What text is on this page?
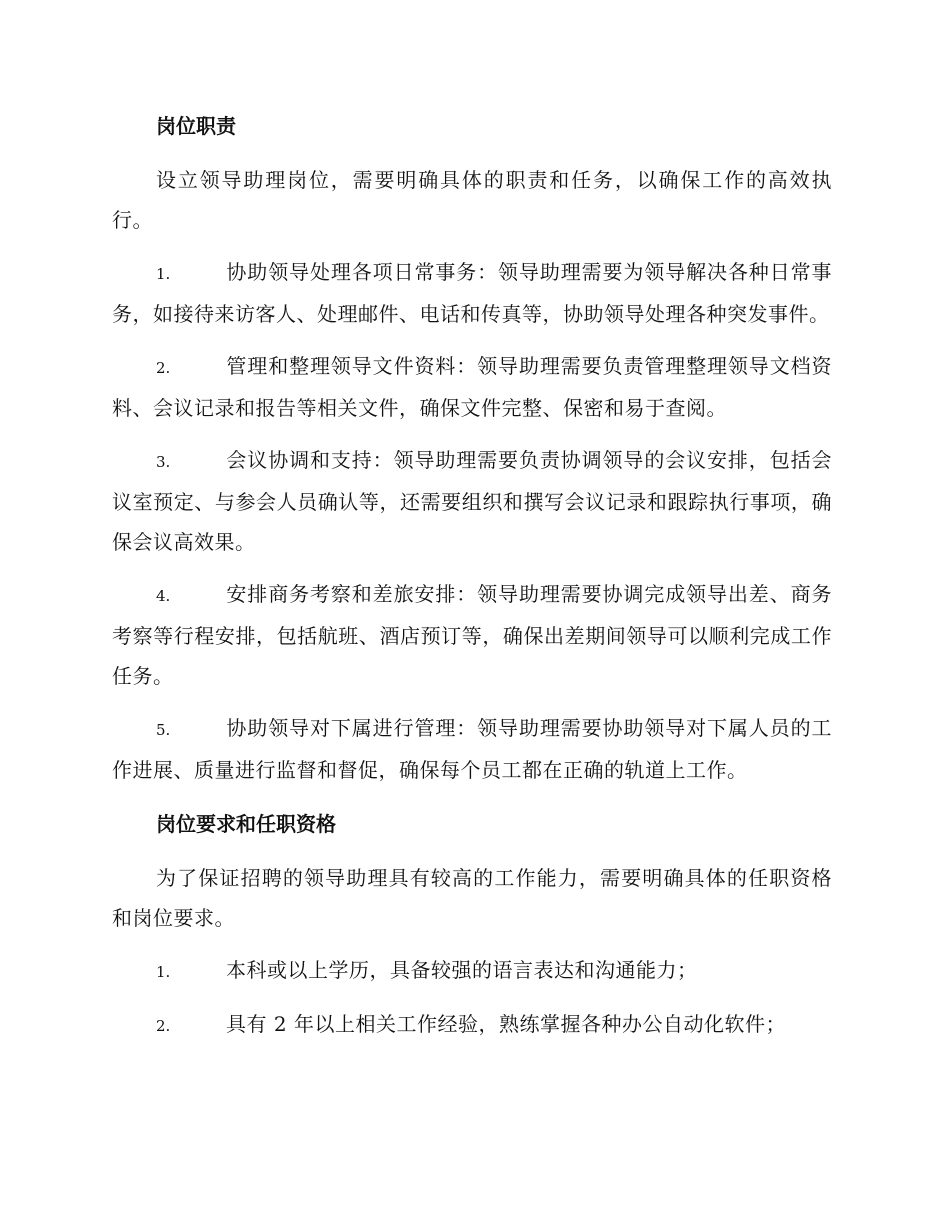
岗位职责

设立领导助理岗位，需要明确具体的职责和任务，以确保工作的高效执行。

1.	协助领导处理各项日常事务：领导助理需要为领导解决各种日常事务，如接待来访客人、处理邮件、电话和传真等，协助领导处理各种突发事件。

2.	管理和整理领导文件资料：领导助理需要负责管理整理领导文档资料、会议记录和报告等相关文件，确保文件完整、保密和易于查阅。

3.	会议协调和支持：领导助理需要负责协调领导的会议安排，包括会议室预定、与参会人员确认等，还需要组织和撰写会议记录和跟踪执行事项，确保会议高效果。

4.	安排商务考察和差旅安排：领导助理需要协调完成领导出差、商务考察等行程安排，包括航班、酒店预订等，确保出差期间领导可以顺利完成工作任务。

5.	协助领导对下属进行管理：领导助理需要协助领导对下属人员的工作进展、质量进行监督和督促，确保每个员工都在正确的轨道上工作。

岗位要求和任职资格

为了保证招聘的领导助理具有较高的工作能力，需要明确具体的任职资格和岗位要求。

1.	本科或以上学历，具备较强的语言表达和沟通能力；

2.	具有 2 年以上相关工作经验，熟练掌握各种办公自动化软件；
